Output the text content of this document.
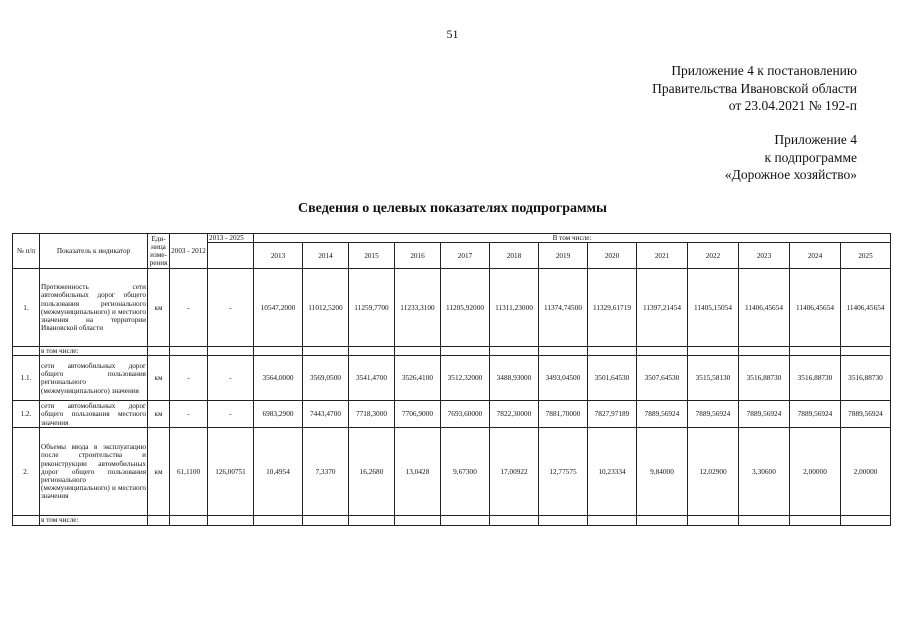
51
Приложение 4 к постановлению
Правительства Ивановской области
от 23.04.2021 № 192-п
Приложение 4
к подпрограмме
«Дорожное хозяйство»
Сведения о целевых показателях подпрограммы
№ п/п	Показатель к индикатор	Еди-ница изме-рения	2003 - 2012	2013 - 2025	В том числе:												
					2013	2014	2015	2016	2017	2018	2019	2020	2021	2022	2023	2024	2025
1.	Протяженность сети автомобильных дорог общего пользования регионального (межмуниципального) и местного значения на территории Ивановской области	км	-	-	10547,2000	11012,5200	11259,7700	11233,3100	11205,92000	11311,23000	11374,74500	11329,61719	11397,21454	11405,15054	11406,45654	11406,45654	11406,45654
	в том числе:																
1.1.	сети автомобильных дорог общего пользования регионального (межмуниципального) значения	км	-	-	3564,0000	3569,0500	3541,4700	3526,4100	3512,32000	3488,93000	3493,04500	3501,64530	3507,64530	3515,58130	3516,88730	3516,88730	3516,88730
1.2.	сети автомобильных дорог общего пользования местного значения	км	-	-	6983,2900	7443,4700	7718,3000	7706,9000	7693,60000	7822,30000	7881,70000	7827,97189	7889,56924	7889,56924	7889,56924	7889,56924	7889,56924
2.	Объемы ввода в эксплуатацию после строительства и реконструкции автомобильных дорог общего пользования регионального (межмуниципального) и местного значения	км	61,1100	126,00751	10,4954	7,3370	16,2680	13,0428	9,67300	17,00922	12,77575	10,23334	9,84000	12,02900	3,30600	2,00000	2,00000
	в том числе:																
